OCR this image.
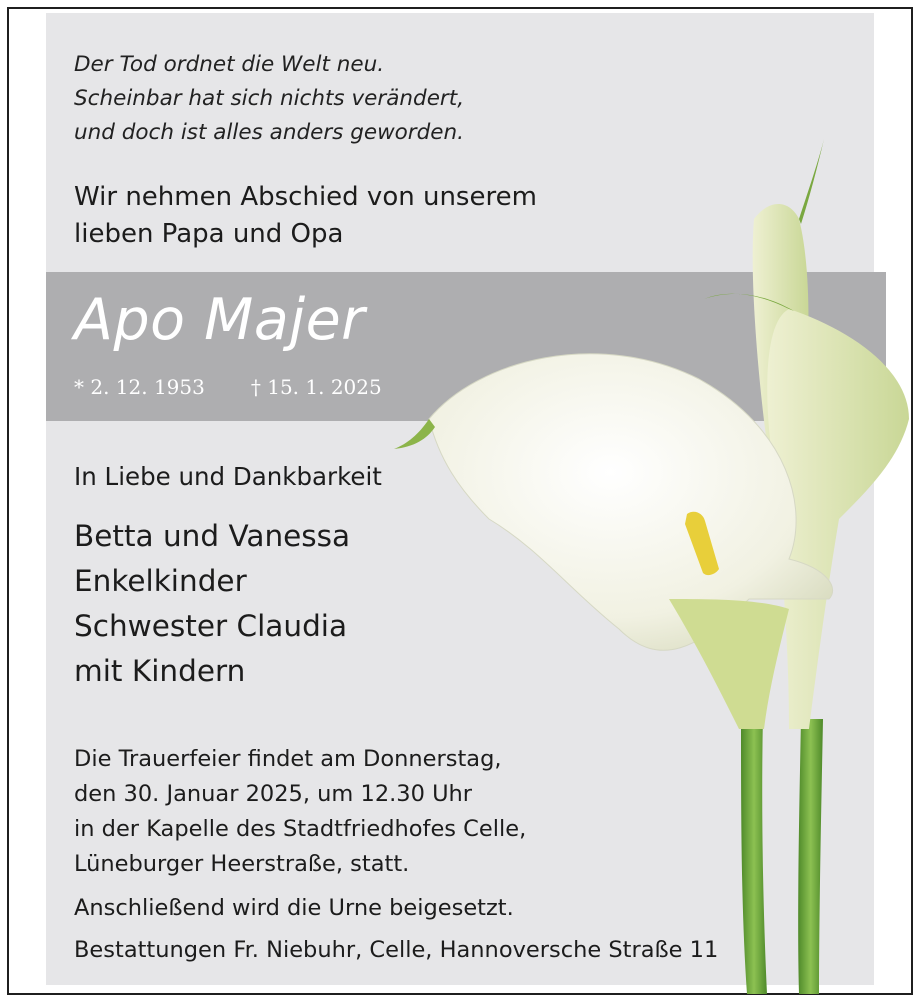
Der Tod ordnet die Welt neu.
Scheinbar hat sich nichts verändert,
und doch ist alles anders geworden.

Wir nehmen Abschied von unserem
lieben Papa und Opa

Apo Majer

* 2. 12. 1953 † 15. 1. 2025

In Liebe und Dankbarkeit

Betta und Vanessa
Enkelkinder
Schwester Claudia
mit Kindern
Die Trauerfeier findet am Donnerstag,
den 30. Januar 2025, um 12.30 Uhr
in der Kapelle des Stadtfriedhofes Celle,
Lüneburger Heerstraße, statt.

Anschließend wird die Urne beigesetzt.

Bestattungen Fr. Niebuhr, Celle, Hannoversche Straße 11
